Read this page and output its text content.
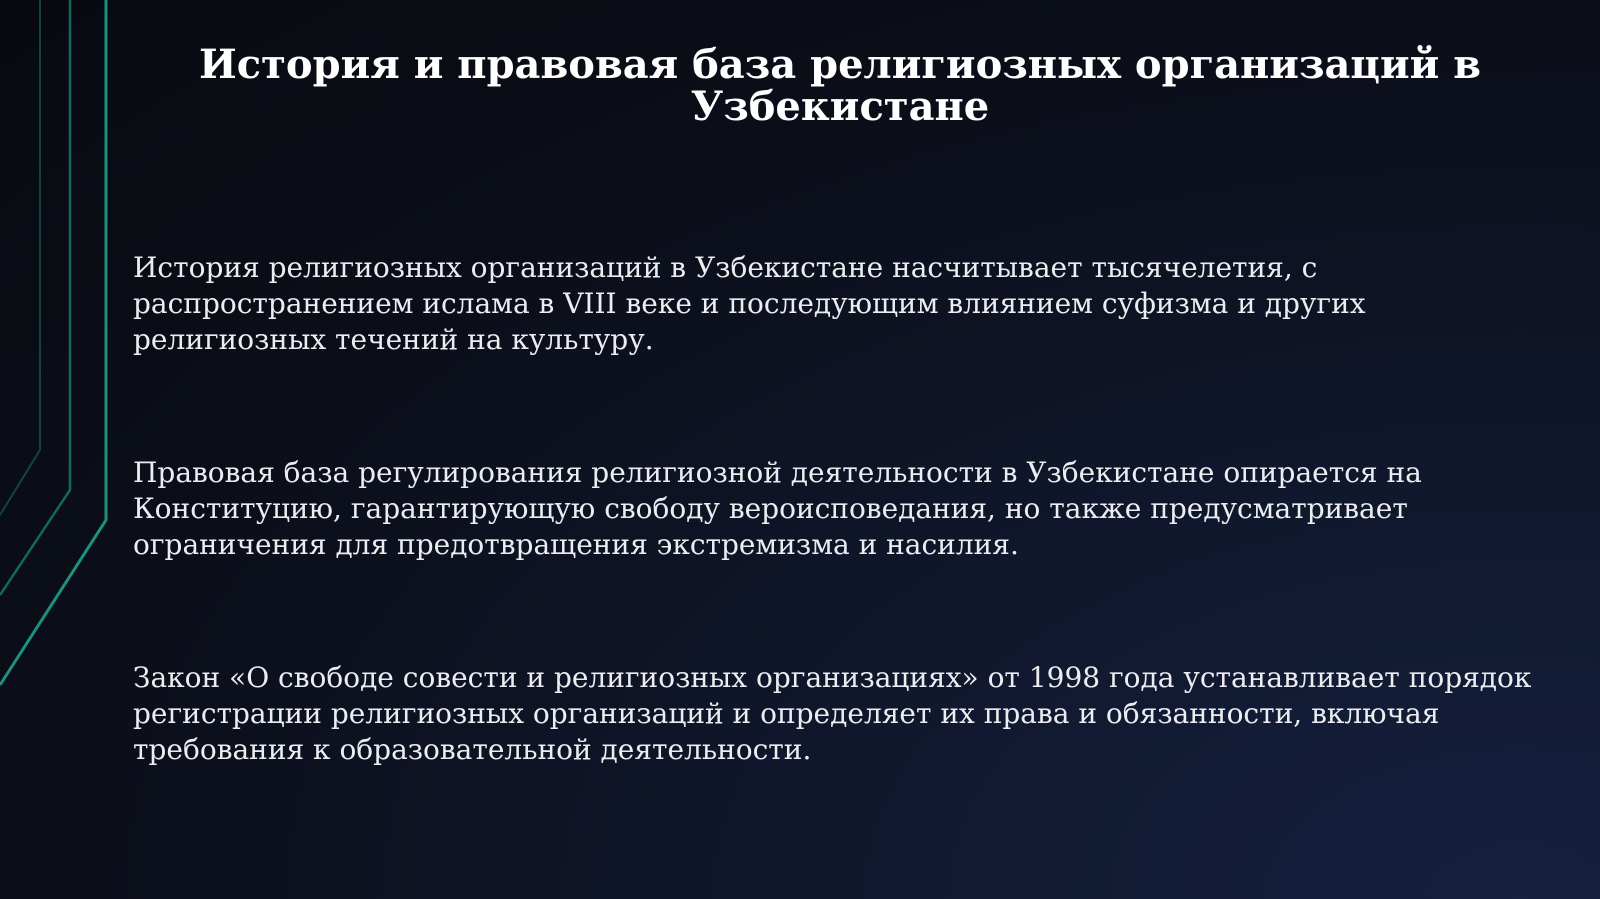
История и правовая база религиозных организаций в Узбекистане

История религиозных организаций в Узбекистане насчитывает тысячелетия, с распространением ислама в VIII веке и последующим влиянием суфизма и других религиозных течений на культуру.

Правовая база регулирования религиозной деятельности в Узбекистане опирается на Конституцию, гарантирующую свободу вероисповедания, но также предусматривает ограничения для предотвращения экстремизма и насилия.

Закон «О свободе совести и религиозных организациях» от 1998 года устанавливает порядок регистрации религиозных организаций и определяет их права и обязанности, включая требования к образовательной деятельности.
